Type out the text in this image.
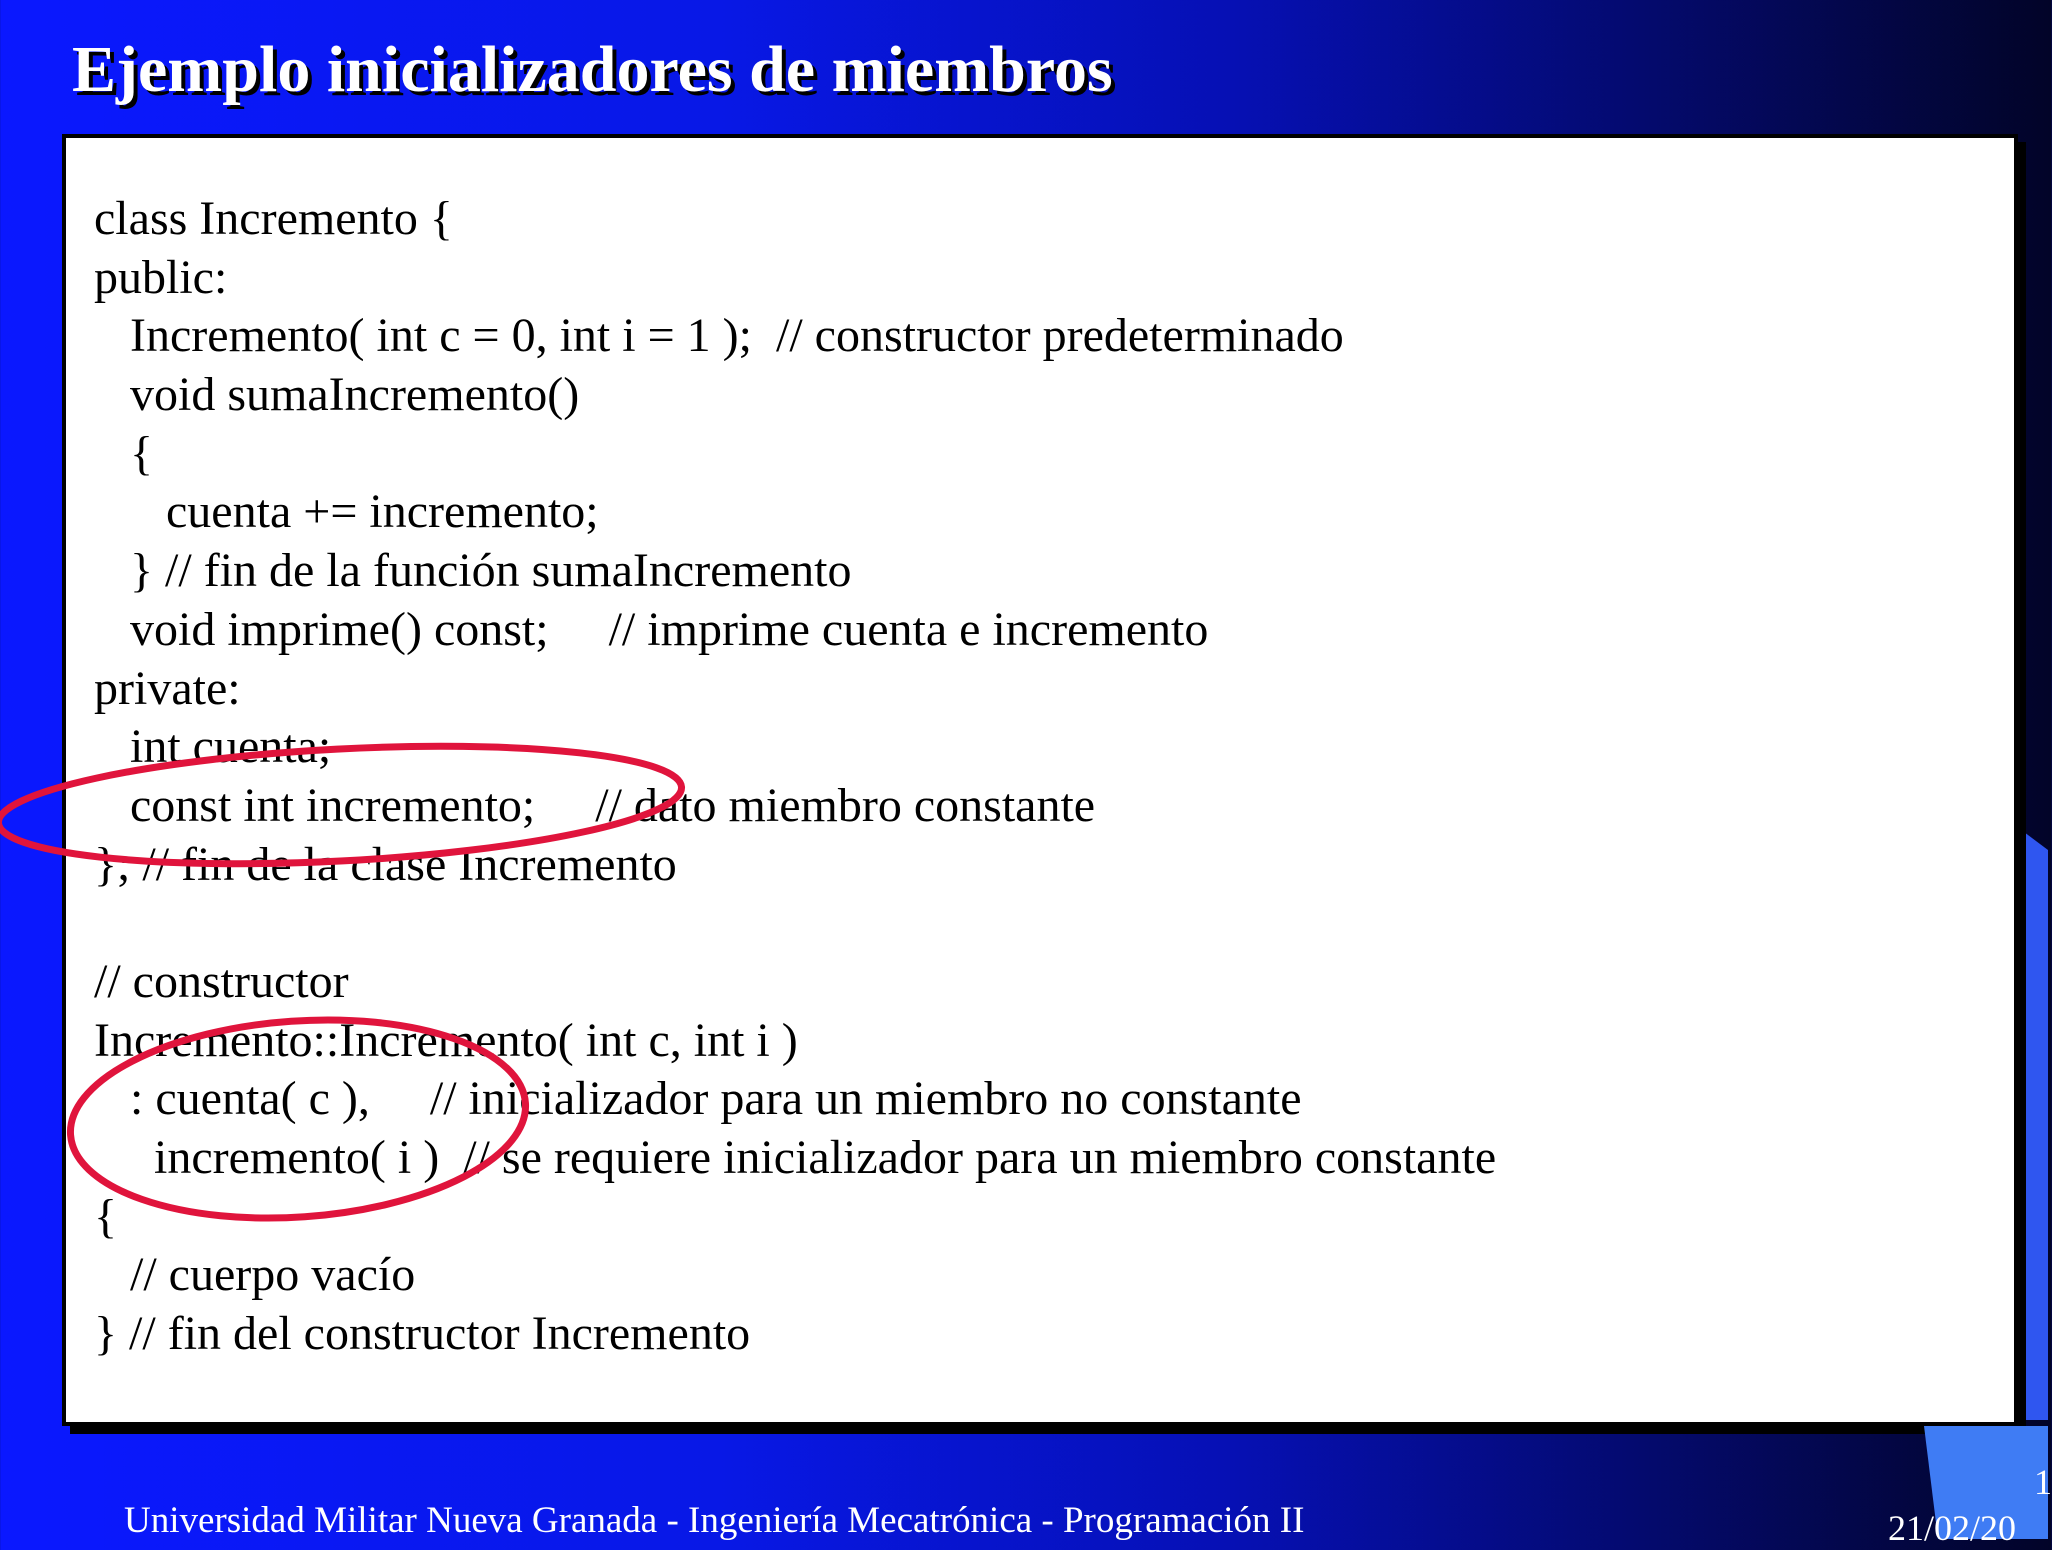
Ejemplo inicializadores de miembros
class Incremento {
public:
Incremento( int c = 0, int i = 1 );  // constructor predeterminado
void sumaIncremento()
{
cuenta += incremento;
} // fin de la función sumaIncremento
void imprime() const;     // imprime cuenta e incremento
private:
int cuenta;
const int incremento;     // dato miembro constante
}; // fin de la clase Incremento
// constructor
Incremento::Incremento( int c, int i )
: cuenta( c ),     // inicializador para un miembro no constante
incremento( i )  // se requiere inicializador para un miembro constante
{
// cuerpo vacío
} // fin del constructor Incremento
Universidad Militar Nueva Granada - Ingeniería Mecatrónica - Programación II
1
21/02/20
